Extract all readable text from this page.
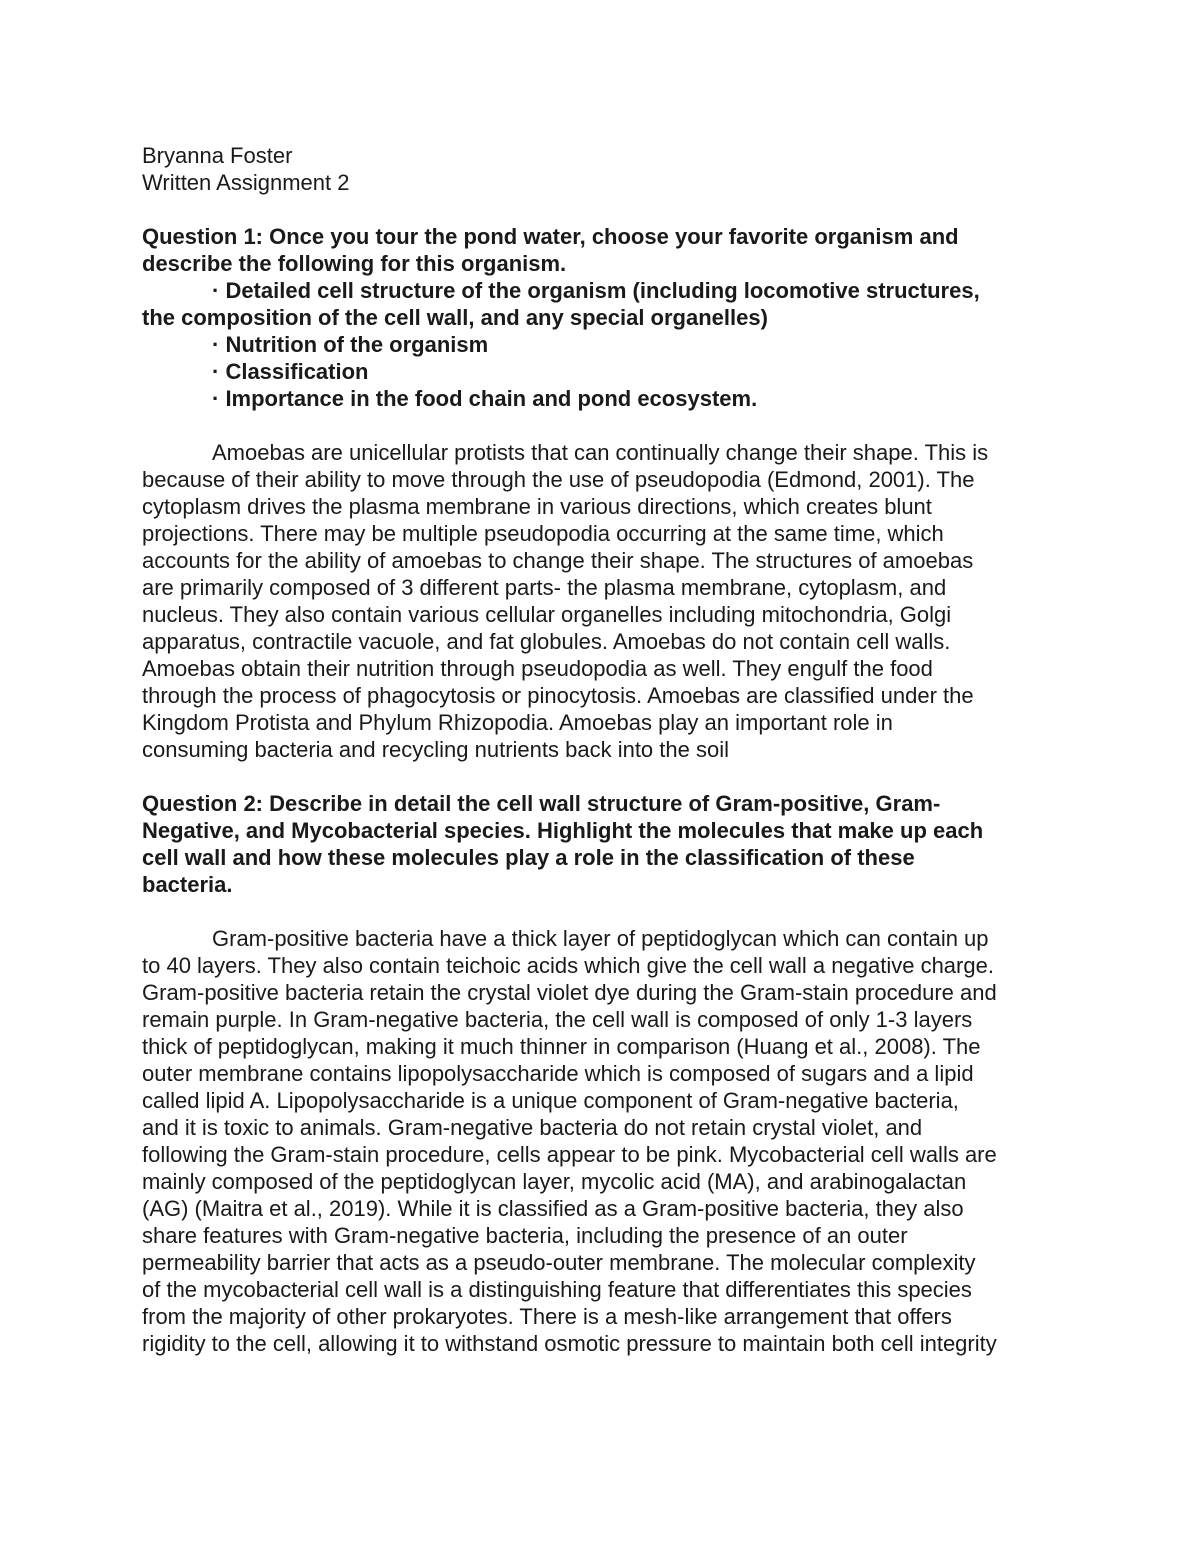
Bryanna Foster
Written Assignment 2
Question 1: Once you tour the pond water, choose your favorite organism and
describe the following for this organism.
· Detailed cell structure of the organism (including locomotive structures,
the composition of the cell wall, and any special organelles)
· Nutrition of the organism
· Classification
· Importance in the food chain and pond ecosystem.
Amoebas are unicellular protists that can continually change their shape. This is
because of their ability to move through the use of pseudopodia (Edmond, 2001). The
cytoplasm drives the plasma membrane in various directions, which creates blunt
projections. There may be multiple pseudopodia occurring at the same time, which
accounts for the ability of amoebas to change their shape. The structures of amoebas
are primarily composed of 3 different parts- the plasma membrane, cytoplasm, and
nucleus. They also contain various cellular organelles including mitochondria, Golgi
apparatus, contractile vacuole, and fat globules. Amoebas do not contain cell walls.
Amoebas obtain their nutrition through pseudopodia as well. They engulf the food
through the process of phagocytosis or pinocytosis. Amoebas are classified under the
Kingdom Protista and Phylum Rhizopodia. Amoebas play an important role in
consuming bacteria and recycling nutrients back into the soil
Question 2: Describe in detail the cell wall structure of Gram-positive, Gram-
Negative, and Mycobacterial species. Highlight the molecules that make up each
cell wall and how these molecules play a role in the classification of these
bacteria.
Gram-positive bacteria have a thick layer of peptidoglycan which can contain up
to 40 layers. They also contain teichoic acids which give the cell wall a negative charge.
Gram-positive bacteria retain the crystal violet dye during the Gram-stain procedure and
remain purple. In Gram-negative bacteria, the cell wall is composed of only 1-3 layers
thick of peptidoglycan, making it much thinner in comparison (Huang et al., 2008). The
outer membrane contains lipopolysaccharide which is composed of sugars and a lipid
called lipid A. Lipopolysaccharide is a unique component of Gram-negative bacteria,
and it is toxic to animals. Gram-negative bacteria do not retain crystal violet, and
following the Gram-stain procedure, cells appear to be pink. Mycobacterial cell walls are
mainly composed of the peptidoglycan layer, mycolic acid (MA), and arabinogalactan
(AG) (Maitra et al., 2019). While it is classified as a Gram-positive bacteria, they also
share features with Gram-negative bacteria, including the presence of an outer
permeability barrier that acts as a pseudo-outer membrane. The molecular complexity
of the mycobacterial cell wall is a distinguishing feature that differentiates this species
from the majority of other prokaryotes. There is a mesh-like arrangement that offers
rigidity to the cell, allowing it to withstand osmotic pressure to maintain both cell integrity
